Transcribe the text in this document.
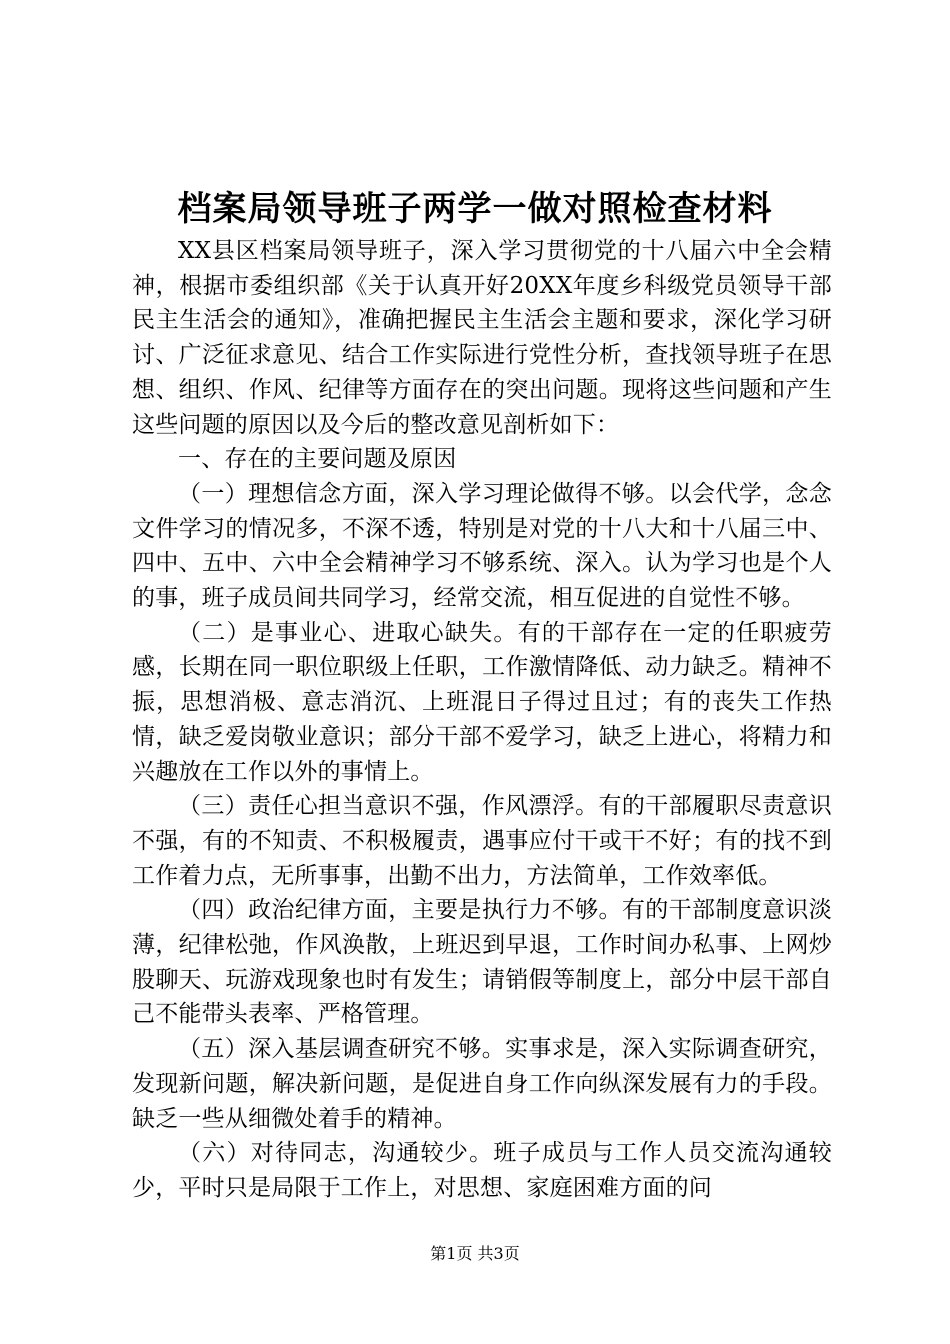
档案局领导班子两学一做对照检查材料

XX县区档案局领导班子，深入学习贯彻党的十八届六中全会精神，根据市委组织部《关于认真开好20XX年度乡科级党员领导干部民主生活会的通知》，准确把握民主生活会主题和要求，深化学习研讨、广泛征求意见、结合工作实际进行党性分析，查找领导班子在思想、组织、作风、纪律等方面存在的突出问题。现将这些问题和产生这些问题的原因以及今后的整改意见剖析如下：

一、存在的主要问题及原因

（一）理想信念方面，深入学习理论做得不够。以会代学，念念文件学习的情况多，不深不透，特别是对党的十八大和十八届三中、四中、五中、六中全会精神学习不够系统、深入。认为学习也是个人的事，班子成员间共同学习，经常交流，相互促进的自觉性不够。

（二）是事业心、进取心缺失。有的干部存在一定的任职疲劳感，长期在同一职位职级上任职，工作激情降低、动力缺乏。精神不振，思想消极、意志消沉、上班混日子得过且过；有的丧失工作热情，缺乏爱岗敬业意识；部分干部不爱学习，缺乏上进心，将精力和兴趣放在工作以外的事情上。

（三）责任心担当意识不强，作风漂浮。有的干部履职尽责意识不强，有的不知责、不积极履责，遇事应付干或干不好；有的找不到工作着力点，无所事事，出勤不出力，方法简单，工作效率低。

（四）政治纪律方面，主要是执行力不够。有的干部制度意识淡薄，纪律松弛，作风涣散，上班迟到早退，工作时间办私事、上网炒股聊天、玩游戏现象也时有发生；请销假等制度上，部分中层干部自己不能带头表率、严格管理。

（五）深入基层调查研究不够。实事求是，深入实际调查研究，发现新问题，解决新问题，是促进自身工作向纵深发展有力的手段。缺乏一些从细微处着手的精神。

（六）对待同志，沟通较少。班子成员与工作人员交流沟通较少，平时只是局限于工作上，对思想、家庭困难方面的问

第1页 共3页
